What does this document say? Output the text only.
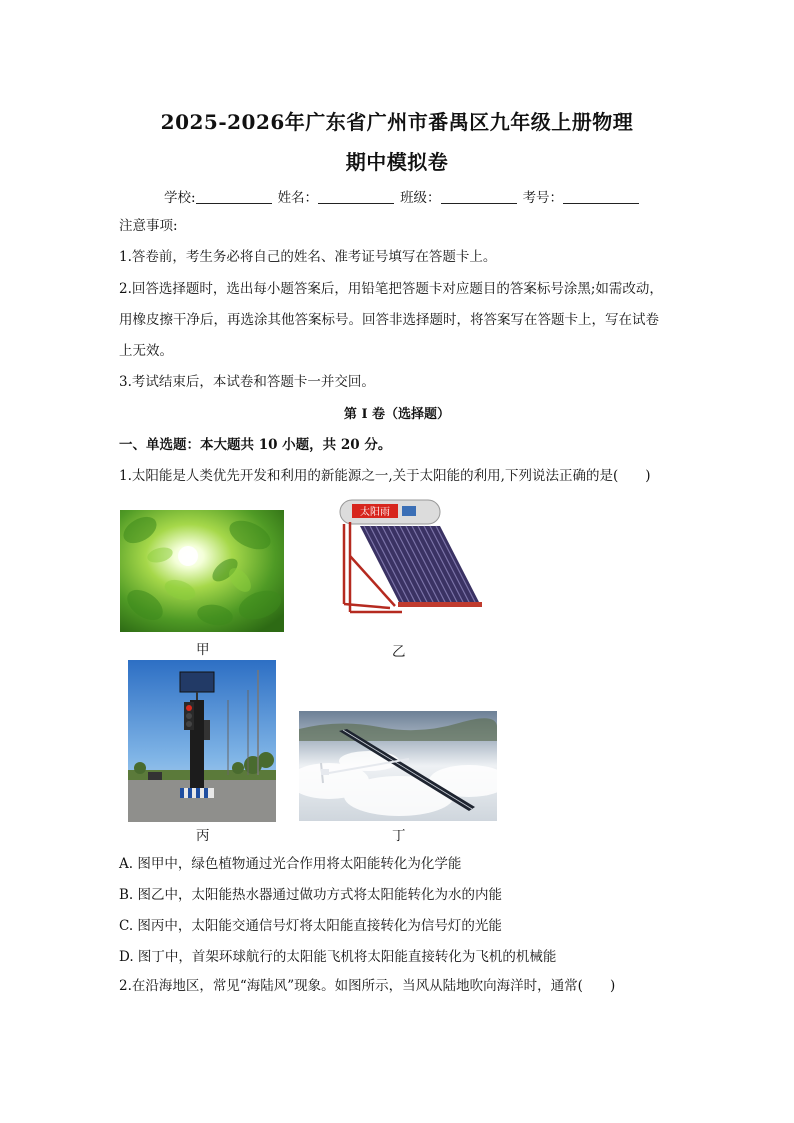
2025-2026年广东省广州市番禺区九年级上册物理
期中模拟卷
学校:	姓名：	班级：	考号：
注意事项:
1.答卷前，考生务必将自己的姓名、准考证号填写在答题卡上。
2.回答选择题时，选出每小题答案后，用铅笔把答题卡对应题目的答案标号涂黑;如需改动，
用橡皮擦干净后，再选涂其他答案标号。回答非选择题时，将答案写在答题卡上，写在试卷
上无效。
3.考试结束后，本试卷和答题卡一并交回。
第 I 卷（选择题）
一、单选题：本大题共 10 小题，共 20 分。
1.太阳能是人类优先开发和利用的新能源之一,关于太阳能的利用,下列说法正确的是(　　)
甲
太阳雨
乙
丙	丁
A. 图甲中，绿色植物通过光合作用将太阳能转化为化学能
B. 图乙中，太阳能热水器通过做功方式将太阳能转化为水的内能
C. 图丙中，太阳能交通信号灯将太阳能直接转化为信号灯的光能
D. 图丁中，首架环球航行的太阳能飞机将太阳能直接转化为飞机的机械能
2.在沿海地区，常见“海陆风”现象。如图所示，当风从陆地吹向海洋时，通常(　　)
